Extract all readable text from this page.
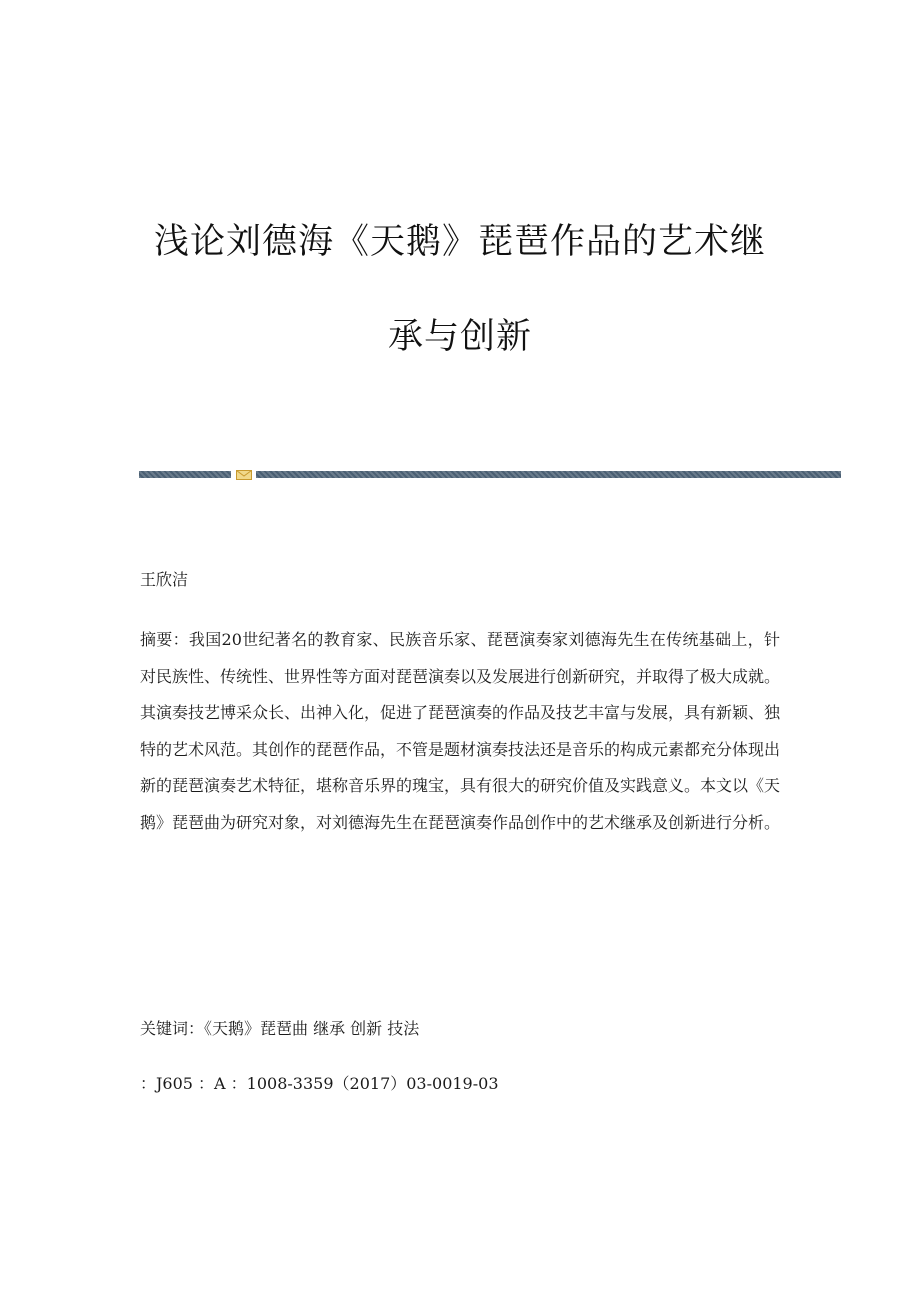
浅论刘德海《天鹅》琵琶作品的艺术继
承与创新

王欣洁

摘要：我国20世纪著名的教育家、民族音乐家、琵琶演奏家刘德海先生在传统基础上，针对民族性、传统性、世界性等方面对琵琶演奏以及发展进行创新研究，并取得了极大成就。其演奏技艺博采众长、出神入化，促进了琵琶演奏的作品及技艺丰富与发展，具有新颖、独特的艺术风范。其创作的琵琶作品，不管是题材演奏技法还是音乐的构成元素都充分体现出新的琵琶演奏艺术特征，堪称音乐界的瑰宝，具有很大的研究价值及实践意义。本文以《天鹅》琵琶曲为研究对象，对刘德海先生在琵琶演奏作品创作中的艺术继承及创新进行分析。

关键词：《天鹅》琵琶曲 继承 创新 技法

：J605 ：A ：1008-3359（2017）03-0019-03
